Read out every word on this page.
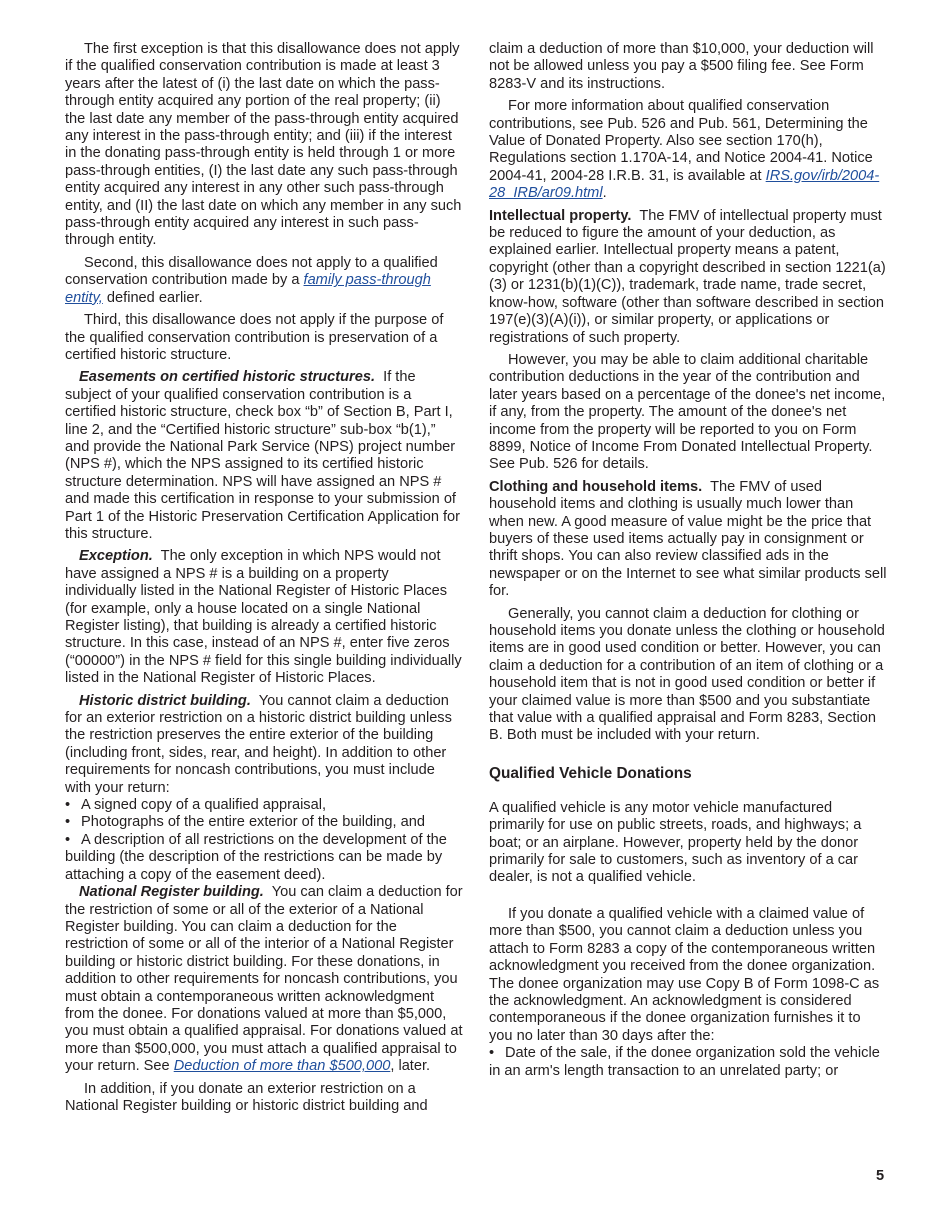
The first exception is that this disallowance does not apply if the qualified conservation contribution is made at least 3 years after the latest of (i) the last date on which the pass-through entity acquired any portion of the real property; (ii) the last date any member of the pass-through entity acquired any interest in the pass-through entity; and (iii) if the interest in the donating pass-through entity is held through 1 or more pass-through entities, (I) the last date any such pass-through entity acquired any interest in any other such pass-through entity, and (II) the last date on which any member in any such pass-through entity acquired any interest in such pass-through entity.

Second, this disallowance does not apply to a qualified conservation contribution made by a family pass-through entity, defined earlier.

Third, this disallowance does not apply if the purpose of the qualified conservation contribution is preservation of a certified historic structure.

Easements on certified historic structures. If the subject of your qualified conservation contribution is a certified historic structure, check box “b” of Section B, Part I, line 2, and the “Certified historic structure” sub-box “b(1),” and provide the National Park Service (NPS) project number (NPS #), which the NPS assigned to its certified historic structure determination. NPS will have assigned an NPS # and made this certification in response to your submission of Part 1 of the Historic Preservation Certification Application for this structure.

Exception. The only exception in which NPS would not have assigned a NPS # is a building on a property individually listed in the National Register of Historic Places (for example, only a house located on a single National Register listing), that building is already a certified historic structure. In this case, instead of an NPS #, enter five zeros (“00000”) in the NPS # field for this single building individually listed in the National Register of Historic Places.

Historic district building. You cannot claim a deduction for an exterior restriction on a historic district building unless the restriction preserves the entire exterior of the building (including front, sides, rear, and height). In addition to other requirements for noncash contributions, you must include with your return:

• A signed copy of a qualified appraisal,

• Photographs of the entire exterior of the building, and

• A description of all restrictions on the development of the building (the description of the restrictions can be made by attaching a copy of the easement deed).

National Register building. You can claim a deduction for the restriction of some or all of the exterior of a National Register building. You can claim a deduction for the restriction of some or all of the interior of a National Register building or historic district building. For these donations, in addition to other requirements for noncash contributions, you must obtain a contemporaneous written acknowledgment from the donee. For donations valued at more than $5,000, you must obtain a qualified appraisal. For donations valued at more than $500,000, you must attach a qualified appraisal to your return. See Deduction of more than $500,000, later.

In addition, if you donate an exterior restriction on a National Register building or historic district building and

claim a deduction of more than $10,000, your deduction will not be allowed unless you pay a $500 filing fee. See Form 8283-V and its instructions.

For more information about qualified conservation contributions, see Pub. 526 and Pub. 561, Determining the Value of Donated Property. Also see section 170(h), Regulations section 1.170A-14, and Notice 2004-41. Notice 2004-41, 2004-28 I.R.B. 31, is available at IRS.gov/irb/2004-28_IRB/ar09.html.

Intellectual property. The FMV of intellectual property must be reduced to figure the amount of your deduction, as explained earlier. Intellectual property means a patent, copyright (other than a copyright described in section 1221(a)(3) or 1231(b)(1)(C)), trademark, trade name, trade secret, know-how, software (other than software described in section 197(e)(3)(A)(i)), or similar property, or applications or registrations of such property.

However, you may be able to claim additional charitable contribution deductions in the year of the contribution and later years based on a percentage of the donee's net income, if any, from the property. The amount of the donee's net income from the property will be reported to you on Form 8899, Notice of Income From Donated Intellectual Property. See Pub. 526 for details.

Clothing and household items. The FMV of used household items and clothing is usually much lower than when new. A good measure of value might be the price that buyers of these used items actually pay in consignment or thrift shops. You can also review classified ads in the newspaper or on the Internet to see what similar products sell for.

Generally, you cannot claim a deduction for clothing or household items you donate unless the clothing or household items are in good used condition or better. However, you can claim a deduction for a contribution of an item of clothing or a household item that is not in good used condition or better if your claimed value is more than $500 and you substantiate that value with a qualified appraisal and Form 8283, Section B. Both must be included with your return.

Qualified Vehicle Donations

A qualified vehicle is any motor vehicle manufactured primarily for use on public streets, roads, and highways; a boat; or an airplane. However, property held by the donor primarily for sale to customers, such as inventory of a car dealer, is not a qualified vehicle.

If you donate a qualified vehicle with a claimed value of more than $500, you cannot claim a deduction unless you attach to Form 8283 a copy of the contemporaneous written acknowledgment you received from the donee organization. The donee organization may use Copy B of Form 1098-C as the acknowledgment. An acknowledgment is considered contemporaneous if the donee organization furnishes it to you no later than 30 days after the:

• Date of the sale, if the donee organization sold the vehicle in an arm's length transaction to an unrelated party; or

5
